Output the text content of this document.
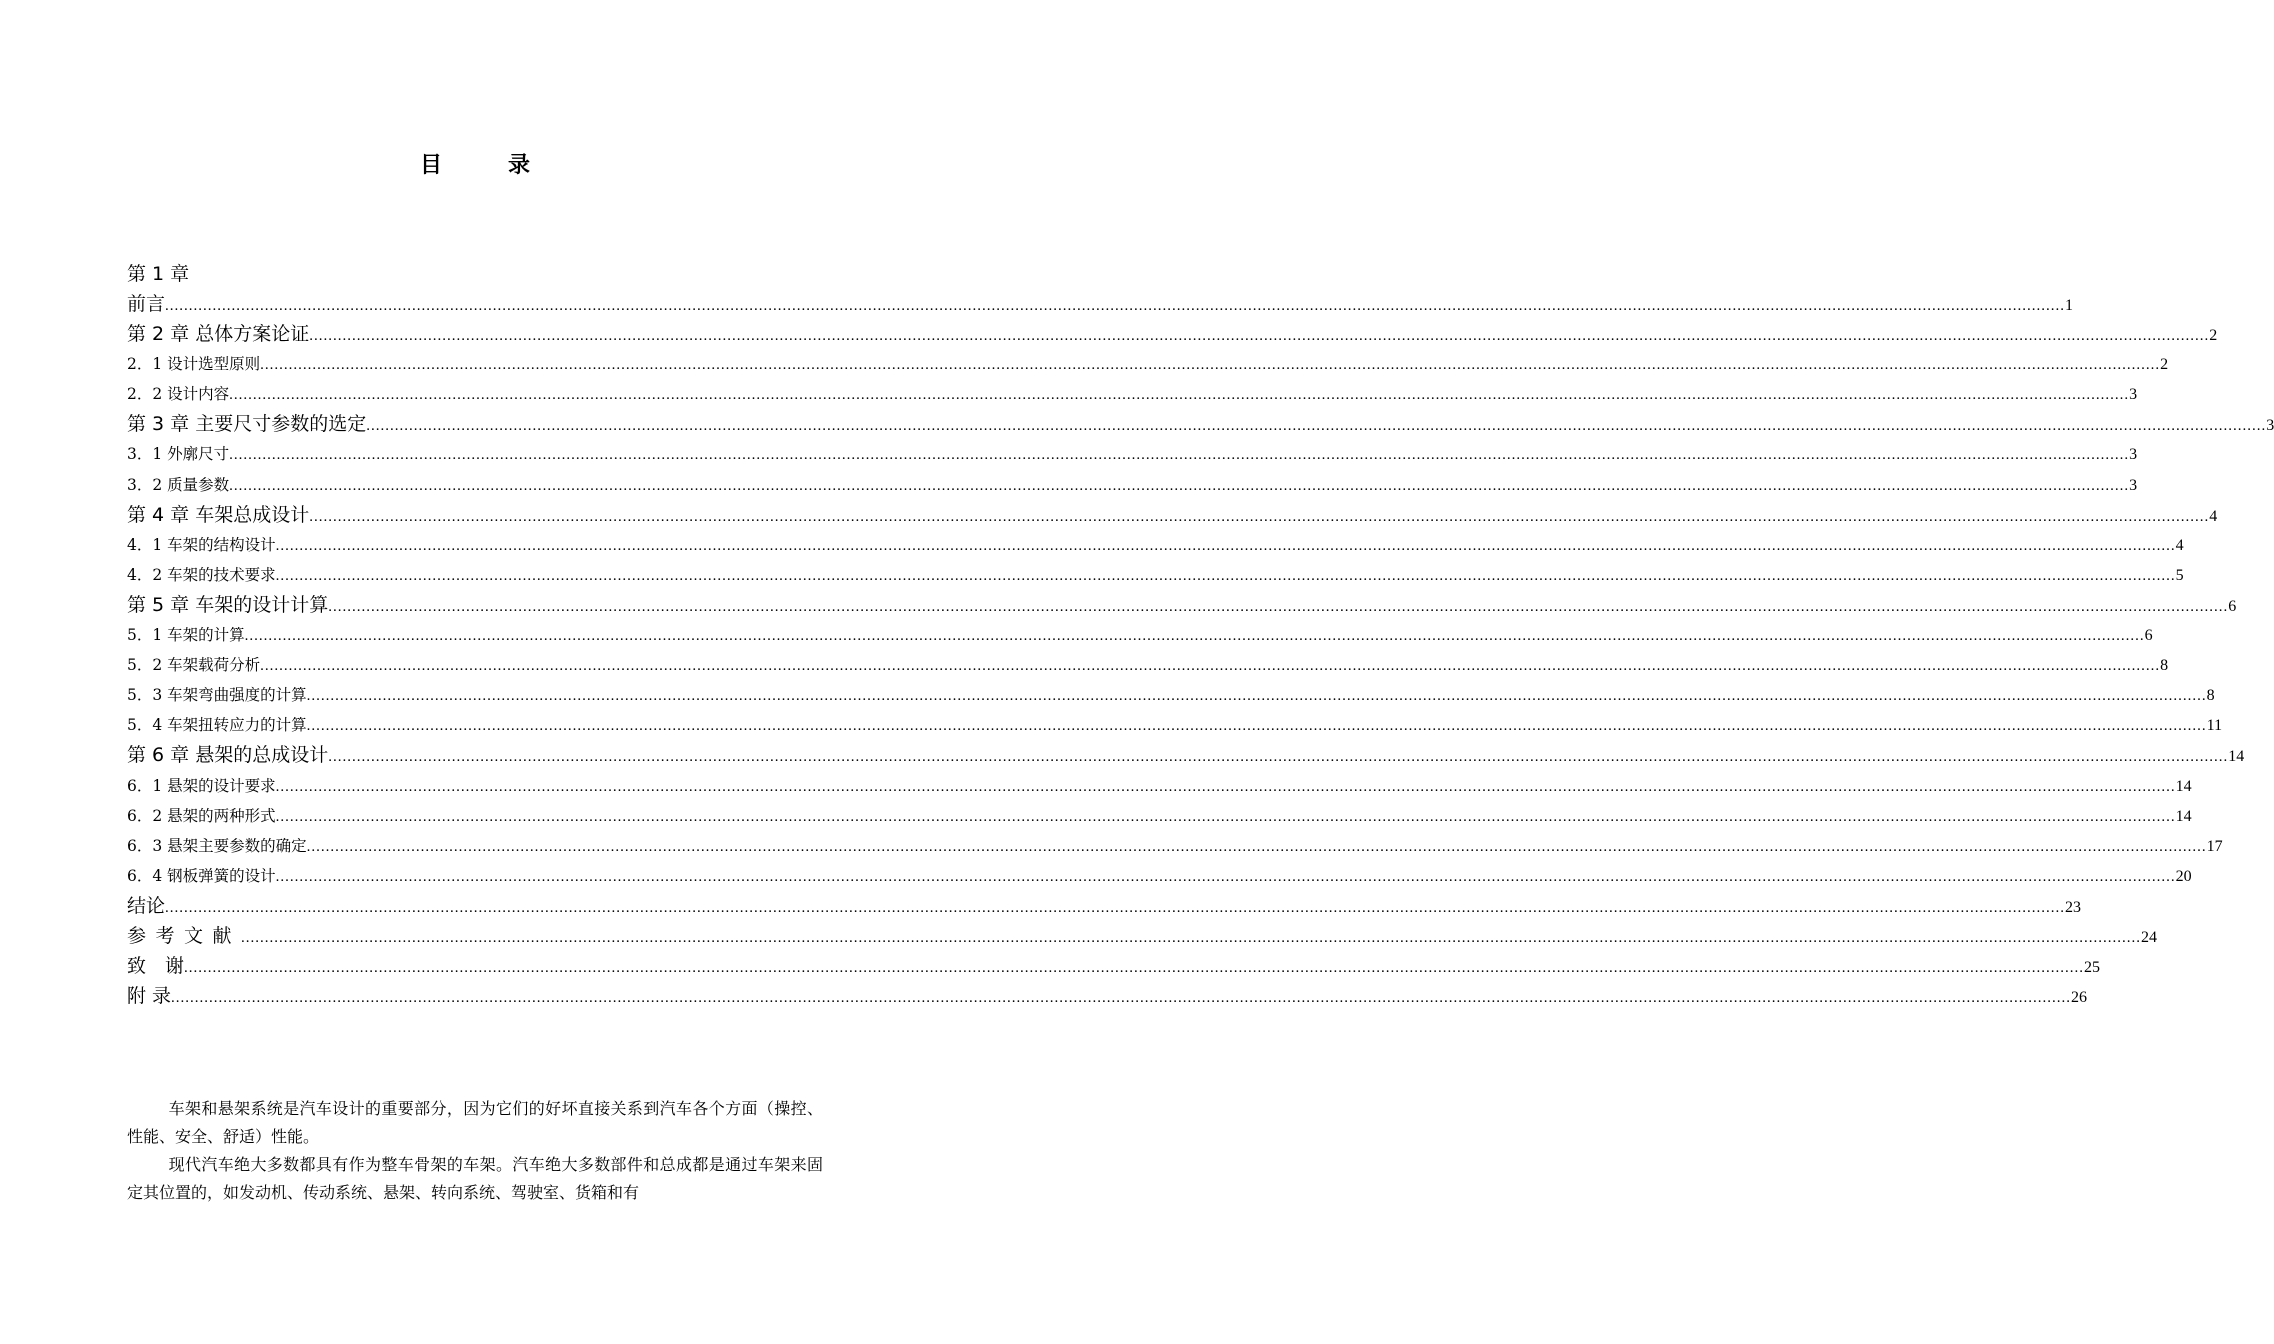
目　录
第 1 章
前言 ................................................................................................................................................................................................................................................................................................................................................................................................................ 1
第 2 章 总体方案论证 ................................................................................................................................................................................................................................................................................................................................................................................................................ 2
2．1 设计选型原则 ................................................................................................................................................................................................................................................................................................................................................................................................................ 2
2．2 设计内容 ................................................................................................................................................................................................................................................................................................................................................................................................................ 3
第 3 章 主要尺寸参数的选定 ................................................................................................................................................................................................................................................................................................................................................................................................................ 3
3．1 外廓尺寸 ................................................................................................................................................................................................................................................................................................................................................................................................................ 3
3．2 质量参数 ................................................................................................................................................................................................................................................................................................................................................................................................................ 3
第 4 章 车架总成设计 ................................................................................................................................................................................................................................................................................................................................................................................................................ 4
4．1 车架的结构设计 ................................................................................................................................................................................................................................................................................................................................................................................................................ 4
4．2 车架的技术要求 ................................................................................................................................................................................................................................................................................................................................................................................................................ 5
第 5 章 车架的设计计算 ................................................................................................................................................................................................................................................................................................................................................................................................................ 6
5．1 车架的计算 ................................................................................................................................................................................................................................................................................................................................................................................................................ 6
5．2 车架载荷分析 ................................................................................................................................................................................................................................................................................................................................................................................................................ 8
5．3 车架弯曲强度的计算 ................................................................................................................................................................................................................................................................................................................................................................................................................ 8
5．4 车架扭转应力的计算 ................................................................................................................................................................................................................................................................................................................................................................................................................ 11
第 6 章 悬架的总成设计 ................................................................................................................................................................................................................................................................................................................................................................................................................ 14
6．1 悬架的设计要求 ................................................................................................................................................................................................................................................................................................................................................................................................................ 14
6．2 悬架的两种形式 ................................................................................................................................................................................................................................................................................................................................................................................................................ 14
6．3 悬架主要参数的确定 ................................................................................................................................................................................................................................................................................................................................................................................................................ 17
6．4 钢板弹簧的设计 ................................................................................................................................................................................................................................................................................................................................................................................................................ 20
结论 ................................................................................................................................................................................................................................................................................................................................................................................................................ 23
参考文献 ................................................................................................................................................................................................................................................................................................................................................................................................................ 24
致　谢 ................................................................................................................................................................................................................................................................................................................................................................................................................ 25
附 录 ................................................................................................................................................................................................................................................................................................................................................................................................................ 26

车架和悬架系统是汽车设计的重要部分，因为它们的好坏直接关系到汽车各个方面（操控、性能、安全、舒适）性能。

现代汽车绝大多数都具有作为整车骨架的车架。汽车绝大多数部件和总成都是通过车架来固定其位置的，如发动机、传动系统、悬架、转向系统、驾驶室、货箱和有
